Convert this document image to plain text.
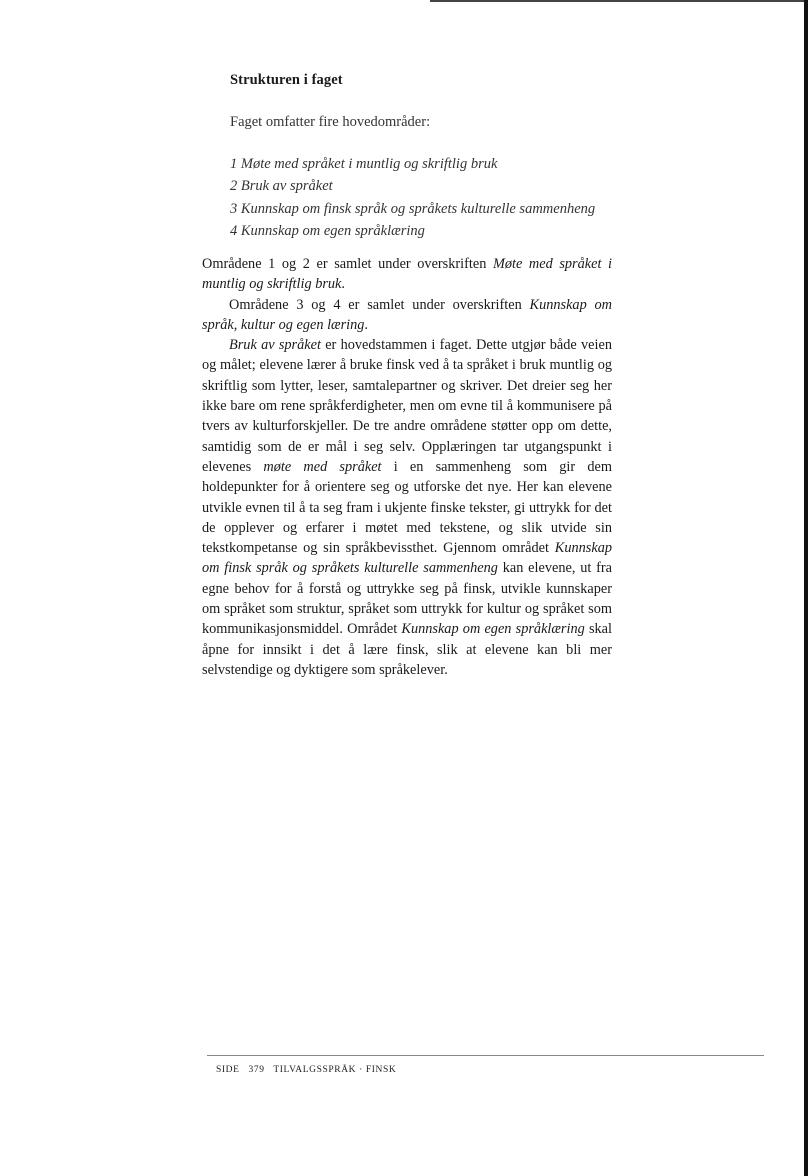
Strukturen i faget
Faget omfatter fire hovedområder:
1 Møte med språket i muntlig og skriftlig bruk
2 Bruk av språket
3 Kunnskap om finsk språk og språkets kulturelle sammenheng
4 Kunnskap om egen språklæring

Områdene 1 og 2 er samlet under overskriften Møte med språket i muntlig og skriftlig bruk.

Områdene 3 og 4 er samlet under overskriften Kunnskap om språk, kultur og egen læring.

Bruk av språket er hovedstammen i faget. Dette utgjør både veien og målet; elevene lærer å bruke finsk ved å ta språket i bruk muntlig og skriftlig som lytter, leser, samtalepartner og skriver. Det dreier seg her ikke bare om rene språkferdigheter, men om evne til å kommunisere på tvers av kulturforskjeller. De tre andre områdene støtter opp om dette, samtidig som de er mål i seg selv. Opplæringen tar utgangspunkt i elevenes møte med språket i en sammenheng som gir dem holdepunkter for å orientere seg og utforske det nye. Her kan elevene utvikle evnen til å ta seg fram i ukjente finske tekster, gi uttrykk for det de opplever og erfarer i møtet med tekstene, og slik utvide sin tekstkompetanse og sin språkbevissthet. Gjennom området Kunnskap om finsk språk og språkets kulturelle sammenheng kan elevene, ut fra egne behov for å forstå og uttrykke seg på finsk, utvikle kunnskaper om språket som struktur, språket som uttrykk for kultur og språket som kommunikasjonsmiddel. Området Kunnskap om egen språklæring skal åpne for innsikt i det å lære finsk, slik at elevene kan bli mer selvstendige og dyktigere som språkelever.

SIDE 379 TILVALGSSPRÅK · FINSK
